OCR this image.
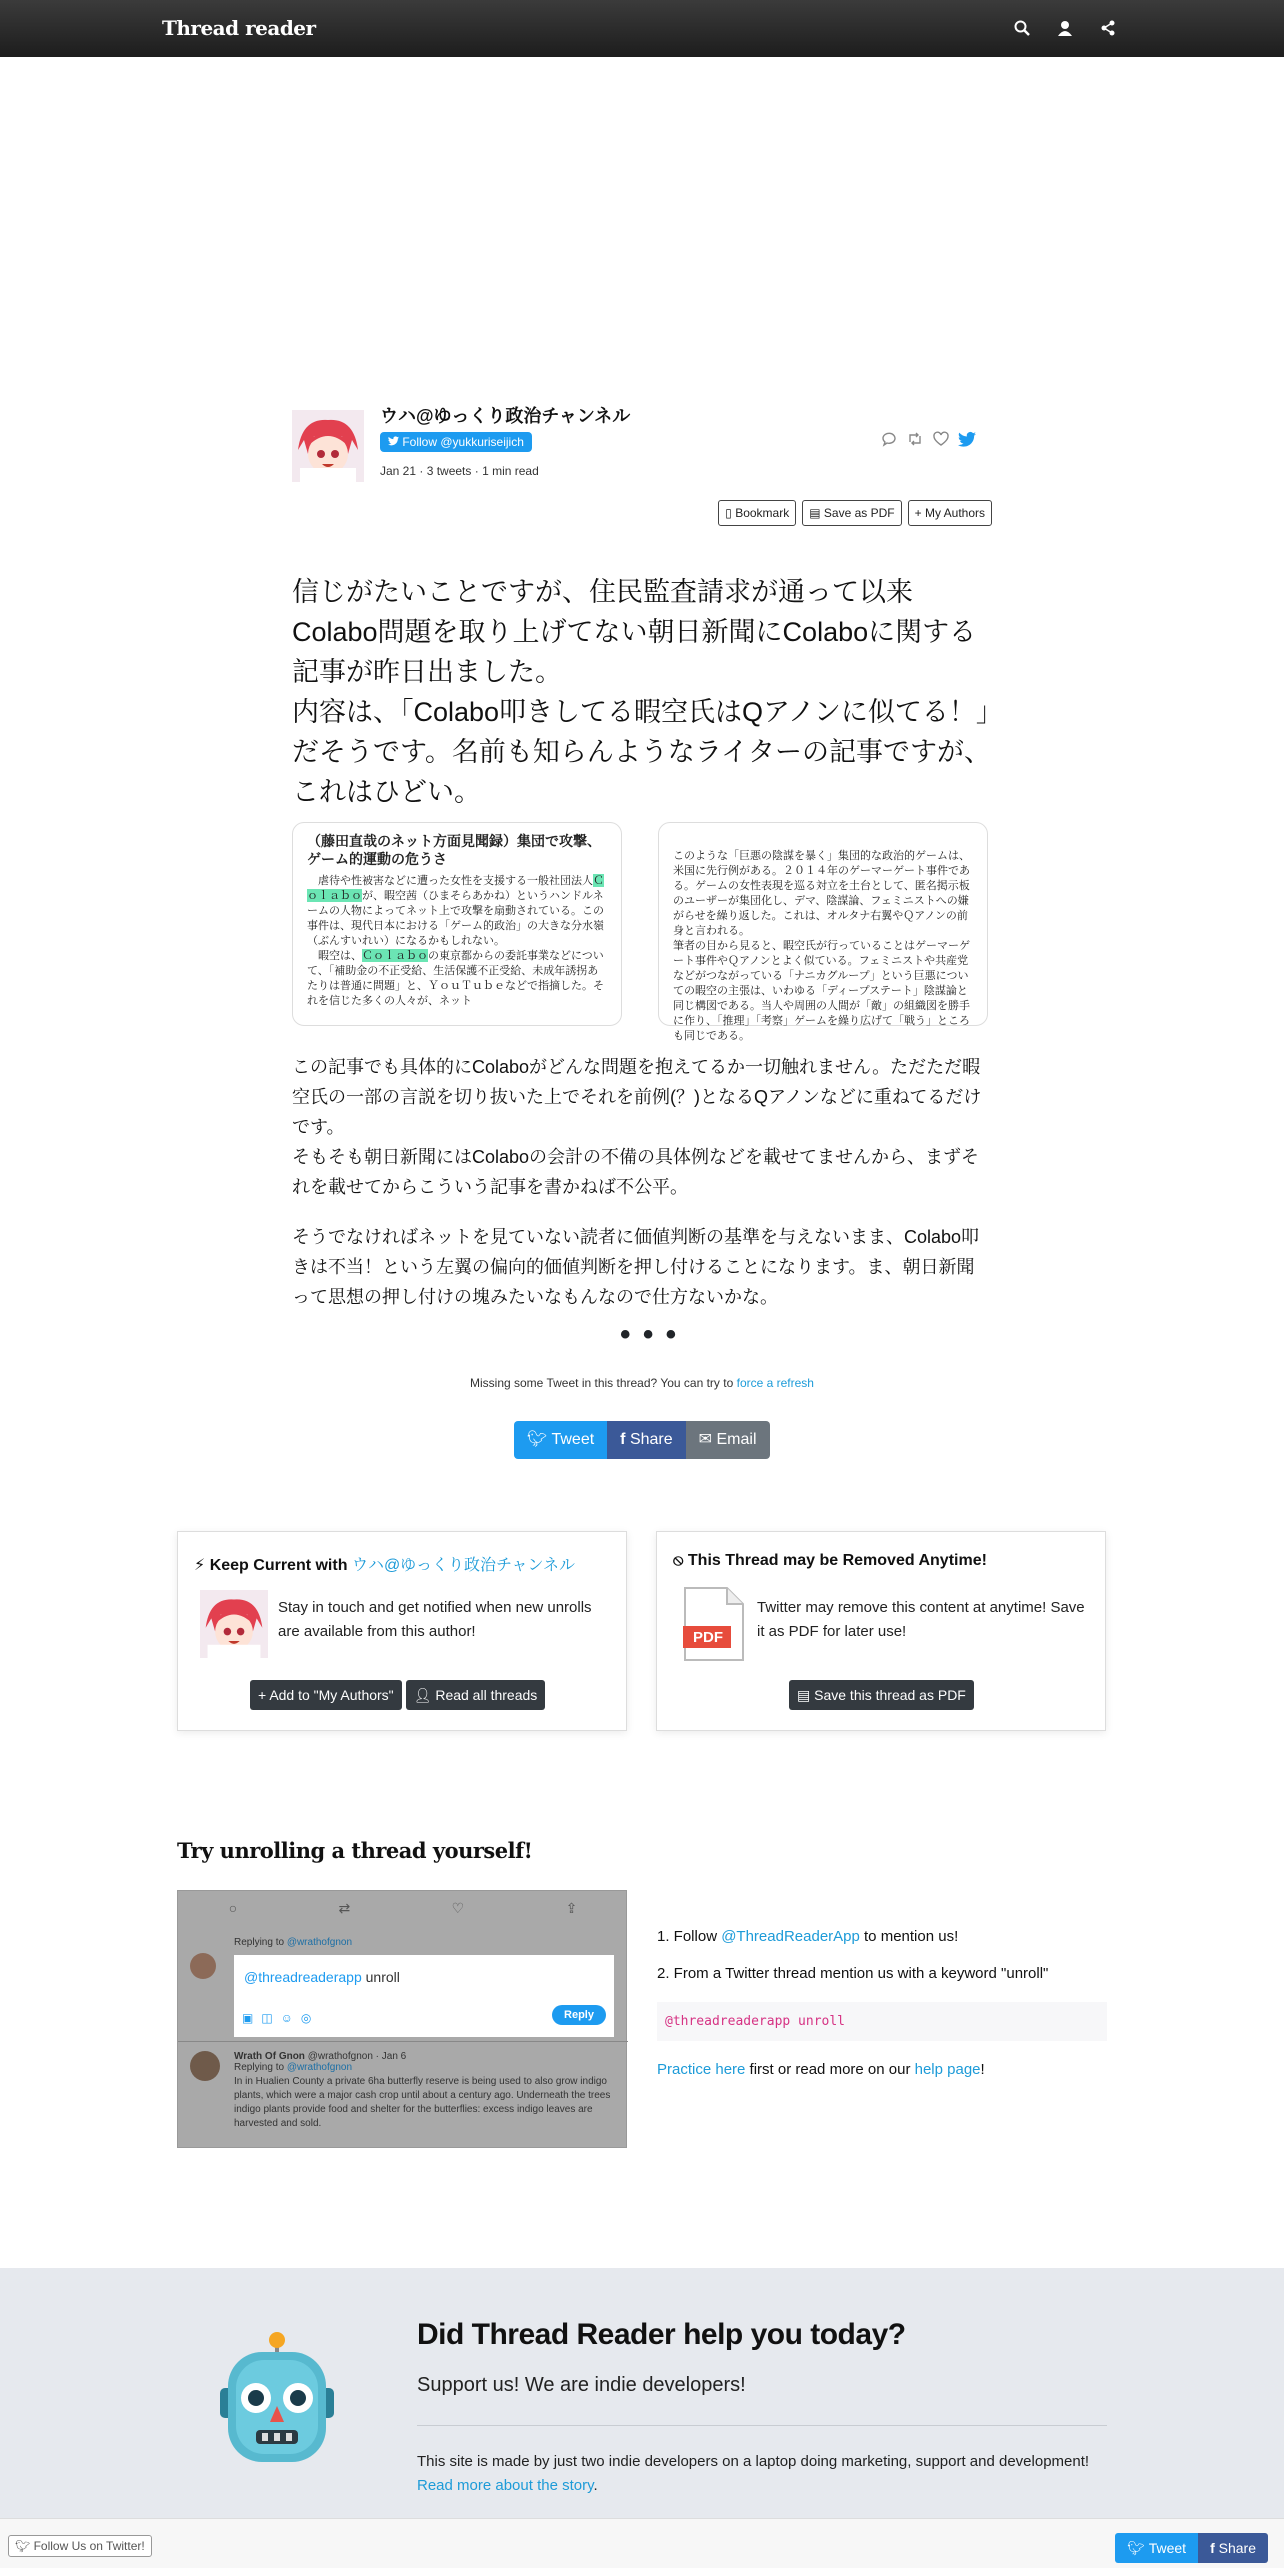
Thread reader
ウハ@ゆっくり政治チャンネル
Follow @yukkuriseijich
Jan 21 · 3 tweets · 1 min read
▯ Bookmark	▤ Save as PDF	+ My Authors
信じがたいことですが、住民監査請求が通って以来Colabo問題を取り上げてない朝日新聞にColaboに関する記事が昨日出ました。
内容は、「Colabo叩きしてる暇空氏はQアノンに似てる！」だそうです。名前も知らんようなライターの記事ですが、これはひどい。
（藤田直哉のネット方面見聞録）集団で攻撃、ゲーム的運動の危うさ
　虐待や性被害などに遭った女性を支援する一般社団法人Ｃｏｌａｂｏが、暇空茜（ひまそらあかね）というハンドルネームの人物によってネット上で攻撃を扇動されている。この事件は、現代日本における「ゲーム的政治」の大きな分水嶺（ぶんすいれい）になるかもしれない。
　暇空は、Ｃｏｌａｂｏの東京都からの委託事業などについて、「補助金の不正受給、生活保護不正受給、未成年誘拐あたりは普通に問題」と、ＹｏｕＴｕｂｅなどで指摘した。それを信じた多くの人々が、ネット

このような「巨悪の陰謀を暴く」集団的な政治的ゲームは、米国に先行例がある。２０１４年のゲーマーゲート事件である。ゲームの女性表現を巡る対立を土台として、匿名掲示板のユーザーが集団化し、デマ、陰謀論、フェミニストへの嫌がらせを繰り返した。これは、オルタナ右翼やＱアノンの前身と言われる。
筆者の目から見ると、暇空氏が行っていることはゲーマーゲート事件やＱアノンとよく似ている。フェミニストや共産党などがつながっている「ナニカグループ」という巨悪についての暇空の主張は、いわゆる「ディープステート」陰謀論と同じ構図である。当人や周囲の人間が「敵」の組織図を勝手に作り、「推理」「考察」ゲームを繰り広げて「戦う」ところも同じである。

この記事でも具体的にColaboがどんな問題を抱えてるか一切触れません。ただただ暇空氏の一部の言説を切り抜いた上でそれを前例(？)となるQアノンなどに重ねてるだけです。
そもそも朝日新聞にはColaboの会計の不備の具体例などを載せてませんから、まずそれを載せてからこういう記事を書かねば不公平。
そうでなければネットを見ていない読者に価値判断の基準を与えないまま、Colabo叩きは不当！という左翼の偏向的価値判断を押し付けることになります。ま、朝日新聞って思想の押し付けの塊みたいなもんなので仕方ないかな。
• • •
Missing some Tweet in this thread? You can try to force a refresh
🐦︎ Tweet	f Share	✉ Email
⚡︎ Keep Current with ウハ@ゆっくり政治チャンネル
Stay in touch and get notified when new unrolls are available from this author!
+ Add to "My Authors"	👤︎ Read all threads
⦸ This Thread may be Removed Anytime!
PDF
Twitter may remove this content at anytime! Save it as PDF for later use!
▤ Save this thread as PDF
Try unrolling a thread yourself!
○	⇄	♡	⇪
Replying to @wrathofgnon
@threadreaderapp unroll
▣◫☺◎	Reply
Wrath Of Gnon @wrathofgnon · Jan 6
Replying to @wrathofgnon
In in Hualien County a private 6ha butterfly reserve is being used to also grow indigo plants, which were a major cash crop until about a century ago. Underneath the trees indigo plants provide food and shelter for the butterflies: excess indigo leaves are harvested and sold.
1. Follow @ThreadReaderApp to mention us!
2. From a Twitter thread mention us with a keyword "unroll"
@threadreaderapp unroll
Practice here first or read more on our help page!
Did Thread Reader help you today?
Support us! We are indie developers!
This site is made by just two indie developers on a laptop doing marketing, support and development! Read more about the story.
🐦︎ Follow Us on Twitter!	🐦︎ Tweet	f Share
